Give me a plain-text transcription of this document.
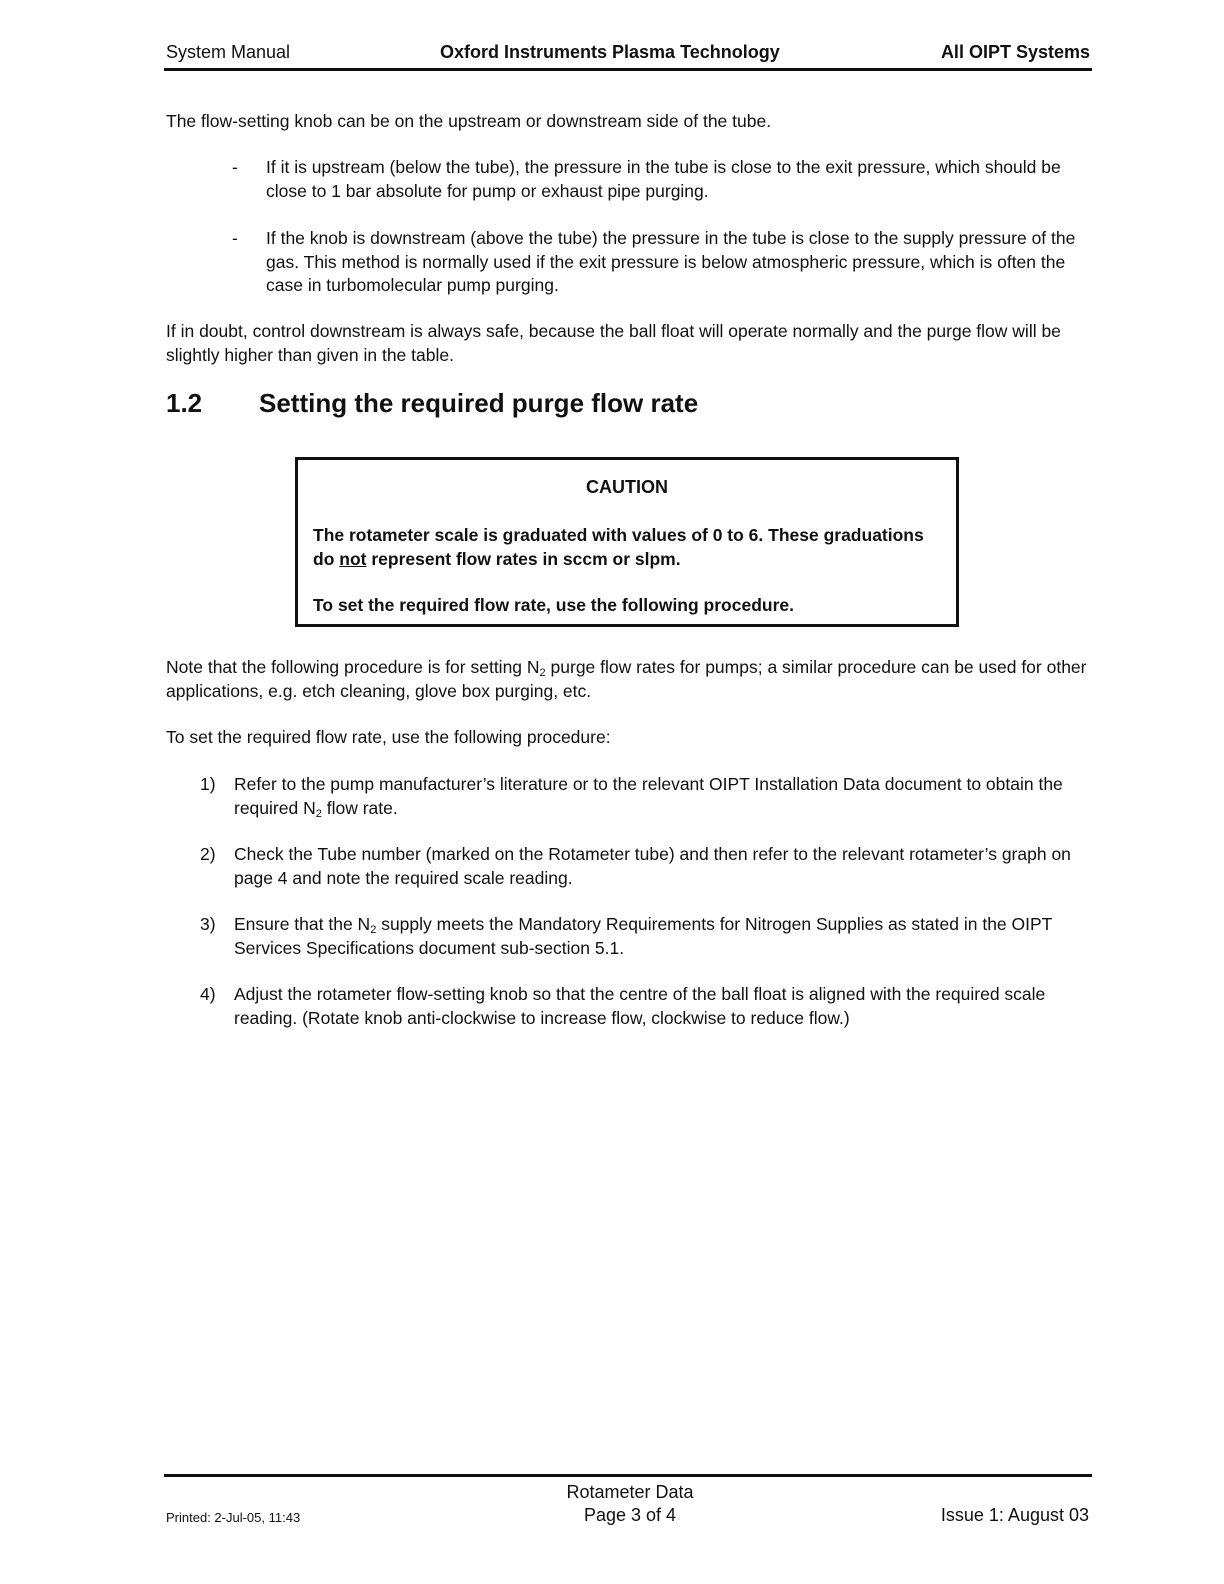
System Manual	Oxford Instruments Plasma Technology	All OIPT Systems

The flow-setting knob can be on the upstream or downstream side of the tube.

- If it is upstream (below the tube), the pressure in the tube is close to the exit pressure, which should be close to 1 bar absolute for pump or exhaust pipe purging.
- If the knob is downstream (above the tube) the pressure in the tube is close to the supply pressure of the gas. This method is normally used if the exit pressure is below atmospheric pressure, which is often the case in turbomolecular pump purging.

If in doubt, control downstream is always safe, because the ball float will operate normally and the purge flow will be slightly higher than given in the table.

1.2 Setting the required purge flow rate
CAUTION
The rotameter scale is graduated with values of 0 to 6. These graduations do not represent flow rates in sccm or slpm.
To set the required flow rate, use the following procedure.

Note that the following procedure is for setting $N_2$ purge flow rates for pumps; a similar procedure can be used for other applications, e.g. etch cleaning, glove box purging, etc.

To set the required flow rate, use the following procedure:

1) Refer to the pump manufacturer’s literature or to the relevant OIPT Installation Data document to obtain the required $N_2$ flow rate.
2) Check the Tube number (marked on the Rotameter tube) and then refer to the relevant rotameter’s graph on page 4 and note the required scale reading.
3) Ensure that the $N_2$ supply meets the Mandatory Requirements for Nitrogen Supplies as stated in the OIPT Services Specifications document sub-section 5.1.
4) Adjust the rotameter flow-setting knob so that the centre of the ball float is aligned with the required scale reading. (Rotate knob anti-clockwise to increase flow, clockwise to reduce flow.)
Rotameter Data
Page 3 of 4
Printed: 2-Jul-05, 11:43	Issue 1: August 03
